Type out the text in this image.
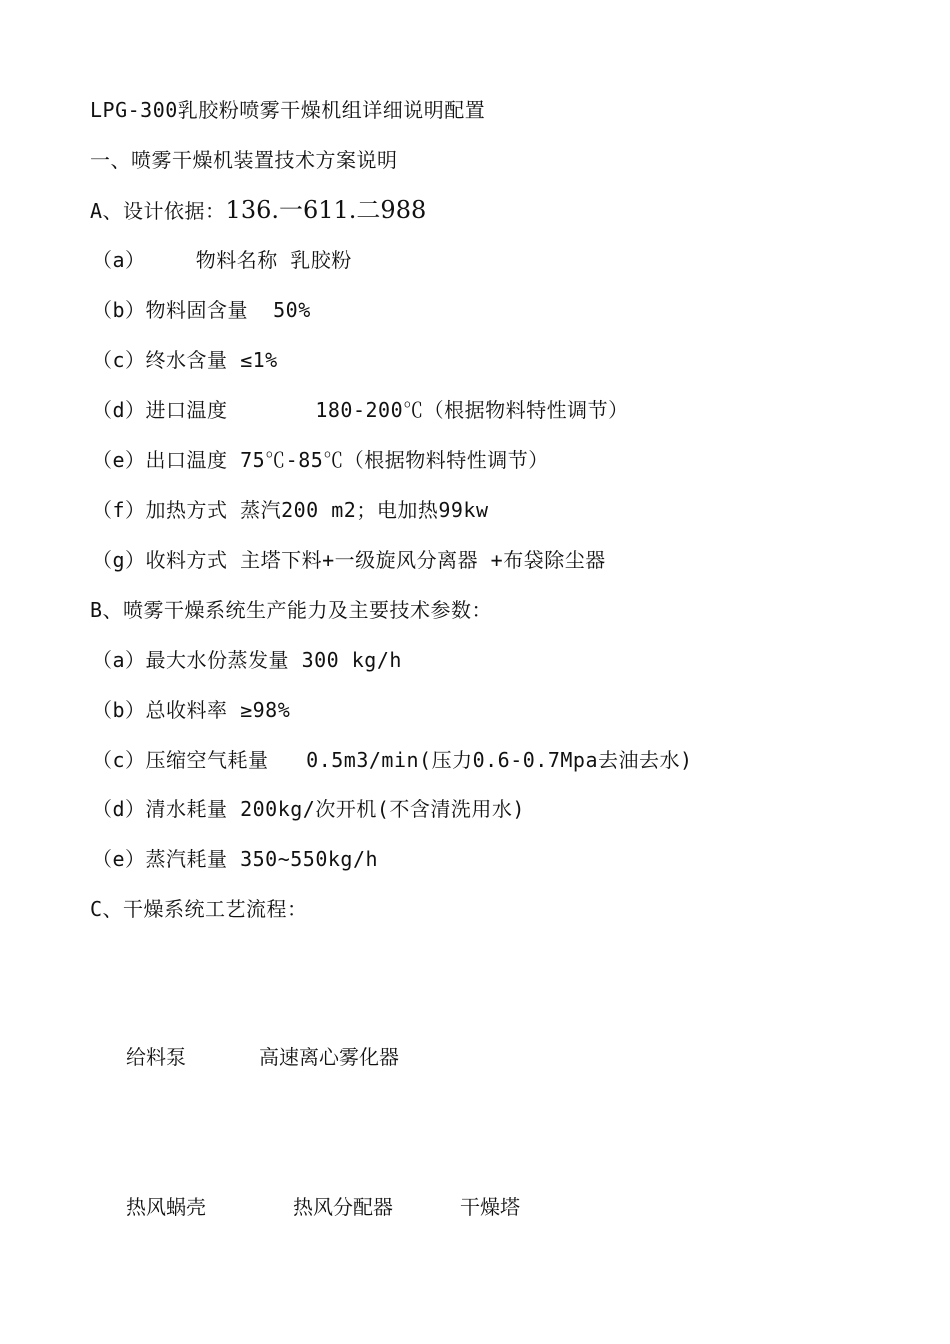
LPG-300乳胶粉喷雾干燥机组详细说明配置
一、喷雾干燥机装置技术方案说明
A、设计依据：136.一611.二988
（a）    物料名称 乳胶粉
（b）物料固含量  50%
（c）终水含量 ≤1%
（d）进口温度       180-200℃（根据物料特性调节）
（e）出口温度 75℃-85℃（根据物料特性调节）
（f）加热方式 蒸汽200 m2；电加热99kw
（g）收料方式 主塔下料+一级旋风分离器 +布袋除尘器
B、喷雾干燥系统生产能力及主要技术参数：
（a）最大水份蒸发量 300 kg/h
（b）总收料率 ≥98%
（c）压缩空气耗量   0.5m3/min(压力0.6-0.7Mpa去油去水)
（d）清水耗量 200kg/次开机(不含清洗用水)
（e）蒸汽耗量 350~550kg/h
C、干燥系统工艺流程：
给料泵	高速离心雾化器
热风蜗壳	热风分配器	干燥塔
